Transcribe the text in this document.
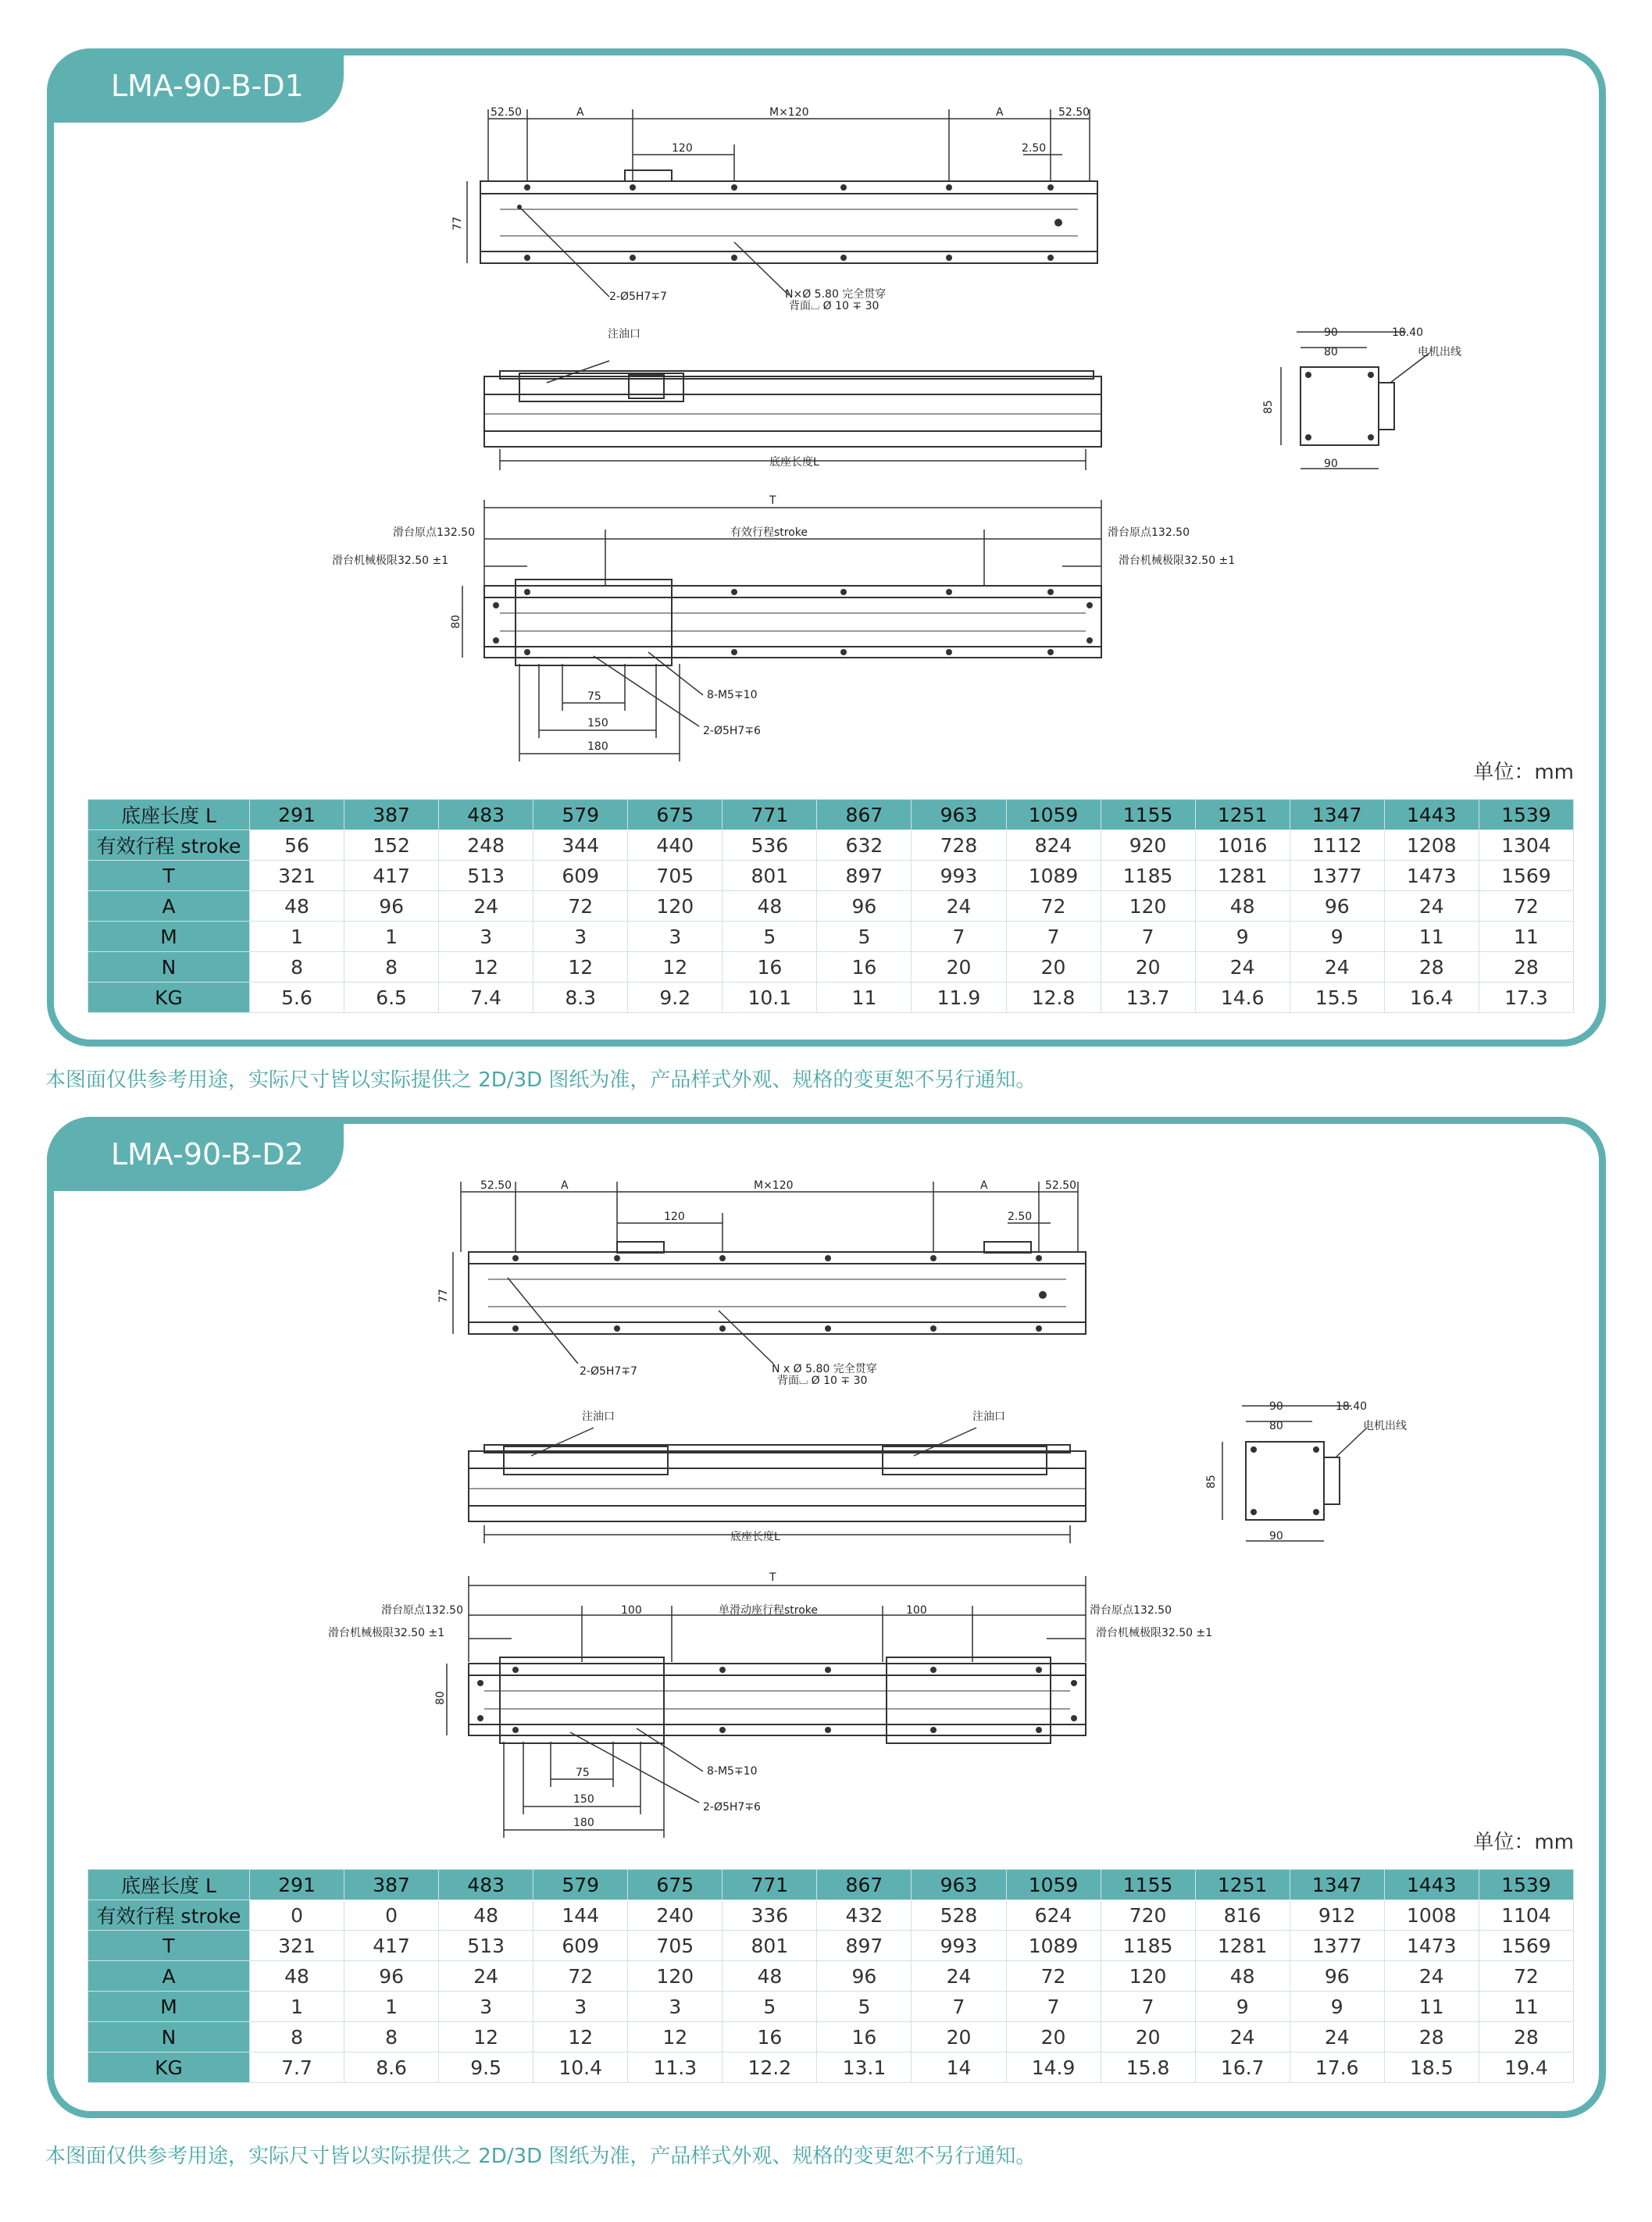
LMA-90-B-D1
52.50	A	M×120	A	52.50
120	2.50
77
2-Ø5H7∓7	N×Ø 5.80 完全贯穿
背面⌴ Ø 10 ∓ 30
注油口
底座长度L
90
80
18.40
电机出线
85
90
T
滑台原点132.50	滑台原点132.50
有效行程stroke
滑台机械极限32.50 ±1	滑台机械极限32.50 ±1
80
75
150
180
8-M5∓10
2-Ø5H7∓6
单位：mm
底座长度 L	291	387	483	579	675	771	867	963	1059	1155	1251	1347	1443	1539
有效行程 stroke	56	152	248	344	440	536	632	728	824	920	1016	1112	1208	1304
T	321	417	513	609	705	801	897	993	1089	1185	1281	1377	1473	1569
A	48	96	24	72	120	48	96	24	72	120	48	96	24	72
M	1	1	3	3	3	5	5	7	7	7	9	9	11	11
N	8	8	12	12	12	16	16	20	20	20	24	24	28	28
KG	5.6	6.5	7.4	8.3	9.2	10.1	11	11.9	12.8	13.7	14.6	15.5	16.4	17.3
本图面仅供参考用途，实际尺寸皆以实际提供之 2D/3D 图纸为准，产品样式外观、规格的变更恕不另行通知。
LMA-90-B-D2
52.50	A	M×120	A	52.50
120	2.50
77
2-Ø5H7∓7	N x Ø 5.80 完全贯穿
背面⌴ Ø 10 ∓ 30
注油口	注油口
底座长度L
90
80
18.40
电机出线
85
90
T
滑台原点132.50	滑台原点132.50
单滑动座行程stroke
100	100
滑台机械极限32.50 ±1	滑台机械极限32.50 ±1
80
75
150
180
8-M5∓10
2-Ø5H7∓6
单位：mm
底座长度 L	291	387	483	579	675	771	867	963	1059	1155	1251	1347	1443	1539
有效行程 stroke	0	0	48	144	240	336	432	528	624	720	816	912	1008	1104
T	321	417	513	609	705	801	897	993	1089	1185	1281	1377	1473	1569
A	48	96	24	72	120	48	96	24	72	120	48	96	24	72
M	1	1	3	3	3	5	5	7	7	7	9	9	11	11
N	8	8	12	12	12	16	16	20	20	20	24	24	28	28
KG	7.7	8.6	9.5	10.4	11.3	12.2	13.1	14	14.9	15.8	16.7	17.6	18.5	19.4
本图面仅供参考用途，实际尺寸皆以实际提供之 2D/3D 图纸为准，产品样式外观、规格的变更恕不另行通知。
